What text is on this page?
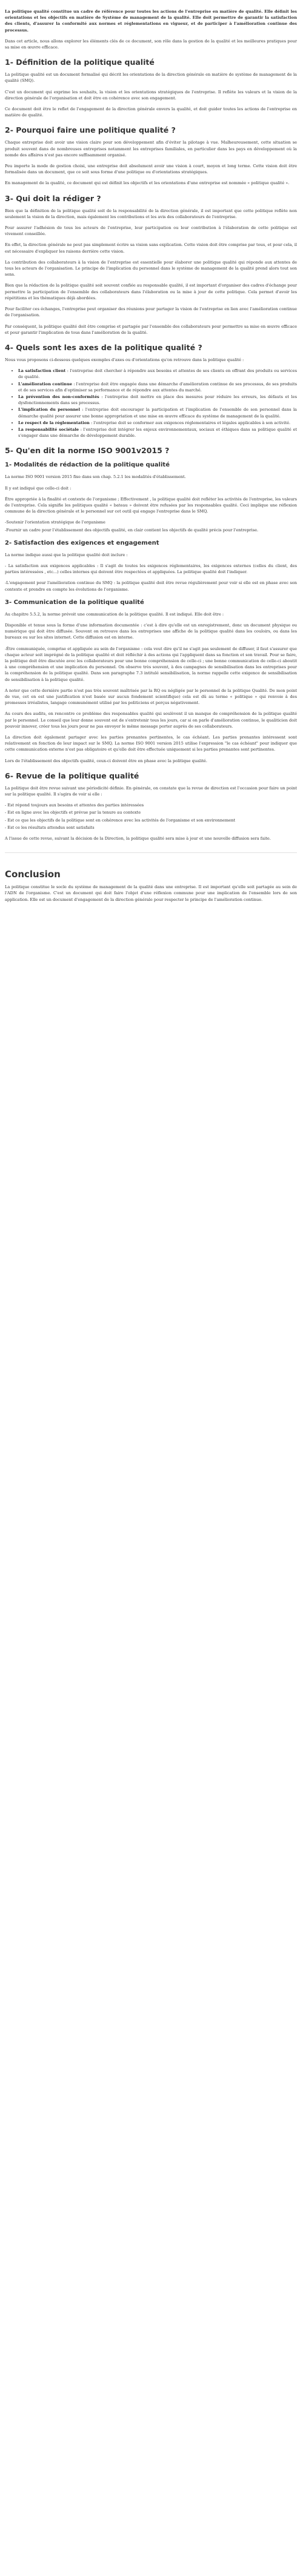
La politique qualité constitue un cadre de référence pour toutes les actions de l'entreprise en matière de qualité. Elle définit les orientations et les objectifs en matière de Système de management de la qualité. Elle doit permettre de garantir la satisfaction des clients, d'assurer la conformité aux normes et réglementations en vigueur, et de participer à l'amélioration continue des processus.

Dans cet article, nous allons explorer les éléments clés de ce document, son rôle dans la gestion de la qualité et les meilleures pratiques pour sa mise en œuvre efficace.

1- Définition de la politique qualité

La politique qualité est un document formalisé qui décrit les orientations de la direction générale en matière de système de management de la qualité (SMQ).

C'est un document qui exprime les souhaits, la vision et les orientations stratégiques de l'entreprise. Il reflète les valeurs et la vision de la direction générale de l'organisation et doit être en cohérence avec son engagement.

Ce document doit être le reflet de l'engagement de la direction générale envers la qualité, et doit guider toutes les actions de l'entreprise en matière de qualité.

2- Pourquoi faire une politique qualité ?

Chaque entreprise doit avoir une vision claire pour son développement afin d'éviter la pilotage à vue. Malheureusement, cette situation se produit souvent dans de nombreuses entreprises notamment les entreprises familiales, en particulier dans les pays en développement où la nomde des affaires n'est pas encore suffisamment organisé.

Peu importe la mode de gestion choisi, une entreprise doit absolument avoir une vision à court, moyen et long terme. Cette vision doit être formalisée dans un document, que ce soit sous forme d'une politique ou d'orientations stratégiques.

En management de la qualité, ce document qui est définit les objectifs et les orientations d'une entreprise est nommée « politique qualité ».

3- Qui doit la rédiger ?

Bien que la définition de la politique qualité soit de la responsabilité de la direction générale, il est important que cette politique reflète non seulement la vision de la direction, mais également les contributions et les avis des collaborateurs de l'entreprise.

Pour assurer l'adhésion de tous les acteurs de l'entreprise, leur participation ou leur contribution à l'élaboration de cette politique est vivement conseillée.

En effet, la direction générale ne peut pas simplement écrire sa vision sans explication. Cette vision doit être comprise par tous, et pour cela, il est nécessaire d'expliquer les raisons derrière cette vision.

La contribution des collaborateurs à la vision de l'entreprise est essentielle pour élaborer une politique qualité qui réponde aux attentes de tous les acteurs de l'organisation. Le principe de l'implication du personnel dans le système de management de la qualité prend alors tout son sens.

Bien que la rédaction de la politique qualité soit souvent confiée au responsable qualité, il est important d'organiser des cadres d'échange pour permettre la participation de l'ensemble des collaborateurs dans l'élaboration ou la mise à jour de cette politique. Cela permet d'avoir les répétitions et les thématiques déjà abordées.

Pour faciliter ces échanges, l'entreprise peut organiser des réunions pour partager la vision de l'entreprise en lien avec l'amélioration continue de l'organisation.

Par conséquent, la politique qualité doit être comprise et partagée par l'ensemble des collaborateurs pour permettre sa mise en œuvre efficace et pour garantir l'implication de tous dans l'amélioration de la qualité.

4- Quels sont les axes de la politique qualité ?

Nous vous proposons ci-dessous quelques exemples d'axes ou d'orientations qu'on retrouve dans la politique qualité :

• La satisfaction client : l'entreprise doit chercher à répondre aux besoins et attentes de ses clients en offrant des produits ou services de qualité.
• L'amélioration continue : l'entreprise doit être engagée dans une démarche d'amélioration continue de ses processus, de ses produits et de ses services afin d'optimiser sa performance et de répondre aux attentes du marché.
• La prévention des non-conformités : l'entreprise doit mettre en place des mesures pour réduire les erreurs, les défauts et les dysfonctionnements dans ses processus.
• L'implication du personnel : l'entreprise doit encourager la participation et l'implication de l'ensemble de son personnel dans la démarche qualité pour assurer une bonne appropriation et une mise en œuvre efficace du système de management de la qualité.
• Le respect de la réglementation : l'entreprise doit se conformer aux exigences réglementaires et légales applicables à son activité.
• La responsabilité sociétale : l'entreprise doit intégrer les enjeux environnementaux, sociaux et éthiques dans sa politique qualité et s'engager dans une démarche de développement durable.
5- Qu'en dit la norme ISO 9001v2015 ?
1- Modalités de rédaction de la politique qualité

La norme ISO 9001 version 2015 fixe dans son chap. 5.2.1 les modalités d'établissement.

Il y est indiqué que celle-ci doit :

Être appropriée à la finalité et contexte de l'organisme ; Effectivement , la politique qualité doit refléter les activités de l'entreprise, les valeurs de l'entreprise. Cela signifie les politiques qualité « bateau » doivent être refusées par les responsables qualité. Ceci implique une réflexion commune de la direction générale et le personnel sur cet outil qui engage l'entreprise dans le SMQ.

-Soutenir l'orientation stratégique de l'organisme

-Fournir un cadre pour l'établissement des objectifs qualité, en clair contient les objectifs de qualité précis pour l'entreprise.

2- Satisfaction des exigences et engagement

La norme indique aussi que la politique qualité doit inclure :

- La satisfaction aux exigences applicables : Il s'agit de toutes les exigences réglementaires, les exigences externes (celles du client, des parties intéressées , etc...) celles internes qui doivent être respectées et appliquées. La politique qualité doit l'indiquer.

-L'engagement pour l'amélioration continue du SMQ : la politique qualité doit être revue régulièrement pour voir si elle est en phase avec son contexte et prendre en compte les évolutions de l'organisme.

3- Communication de la politique qualité

Au chapitre 5.5.2, la norme prévoit une communication de la politique qualité. Il est indiqué. Elle doit être :

Disponible et tenue sous la forme d'une information documentée : c'est à dire qu'elle est un enregistrement, donc un document physique ou numérique qui doit être diffusée. Souvent on retrouve dans les entreprises une affiche de la politique qualité dans les couloirs, ou dans les bureaux ou sur les sites internet. Cette diffusion est en interne.

-Être communiquée, comprise et appliquée au sein de l'organisme : cela veut dire qu'il ne s'agit pas seulement de diffuser, il faut s'assurer que chaque acteur soit imprégné de la politique qualité et doit réfléchir à des actions qui l'appliquent dans sa fonction et son travail. Pour se faire, la politique doit être discutée avec les collaborateurs pour une bonne compréhension de celle-ci ; une bonne communication de celle-ci aboutit à une compréhension et une implication du personnel. On observe très souvent, à des campagnes de sensibilisation dans les entreprises pour la compréhension de la politique qualité. Dans son paragraphe 7.3 intitulé sensibilisation, la norme rappelle cette exigence de sensibilisation de sensibilisation à la politique qualité.

A noter que cette dernière partie n'est pas très souvent maîtrisée par la RQ ou négligée par le personnel de la politique Qualité. De mon point de vue, cet en est une justification n'est basée sur aucun fondement scientifique) cela est dû au terme « politique » qui renvoie à des promesses irréalistes, langage communément utilisé par les politiciens et perçus négativement.

Au cours des audits, on rencontre ce problème des responsables qualité qui soulèvent il un manque de compréhension de la politique qualité par le personnel. Le conseil que leur donne souvent est de s'entretenir tous les jours, car si on parle d'amélioration continue, le qualiticien doit pouvoir innover, créer tous les jours pour ne pas envoyer le même message porter auprès de ses collaborateurs.

La direction doit également partager avec les parties prenantes pertinentes, le cas échéant. Les parties prenantes intéressent sont relativement en fonction de leur impact sur le SMQ. La norme ISO 9001 version 2015 utilise l'expression "le cas échéant" pour indiquer que cette communication externe n'est pas obligatoire et qu'elle doit être effectuée uniquement si les parties prenantes sont pertinentes.

Lors de l'établissement des objectifs qualité, ceux-ci doivent être en phase avec la politique qualité.

6- Revue de la politique qualité

La politique doit être revue suivant une périodicité définie. En générale, on constate que la revue de direction est l'occasion pour faire un point sur la politique qualité. Il s'agira de voir si elle :

- Est répond toujours aux besoins et attentes des parties intéressées

- Est en ligne avec les objectifs et prévue par la tenure au contexte

- Est ce que les objectifs de la politique sont en cohérence avec les activités de l'organisme et son environnement

- Est ce les résultats attendus sont satisfaits

A l'issue de cette revue, suivant la décision de la Direction, la politique qualité sera mise à jour et une nouvelle diffusion sera faite.

Conclusion

La politique constitue le socle du système de management de la qualité dans une entreprise. Il est important qu'elle soit partagée au sein de l'ADN de l'organisme. C'est un document qui doit faire l'objet d'une réflexion commune pour une implication de l'ensemble lors de son application. Elle est un document d'engagement de la direction générale pour respecter le principe de l'amélioration continue.
